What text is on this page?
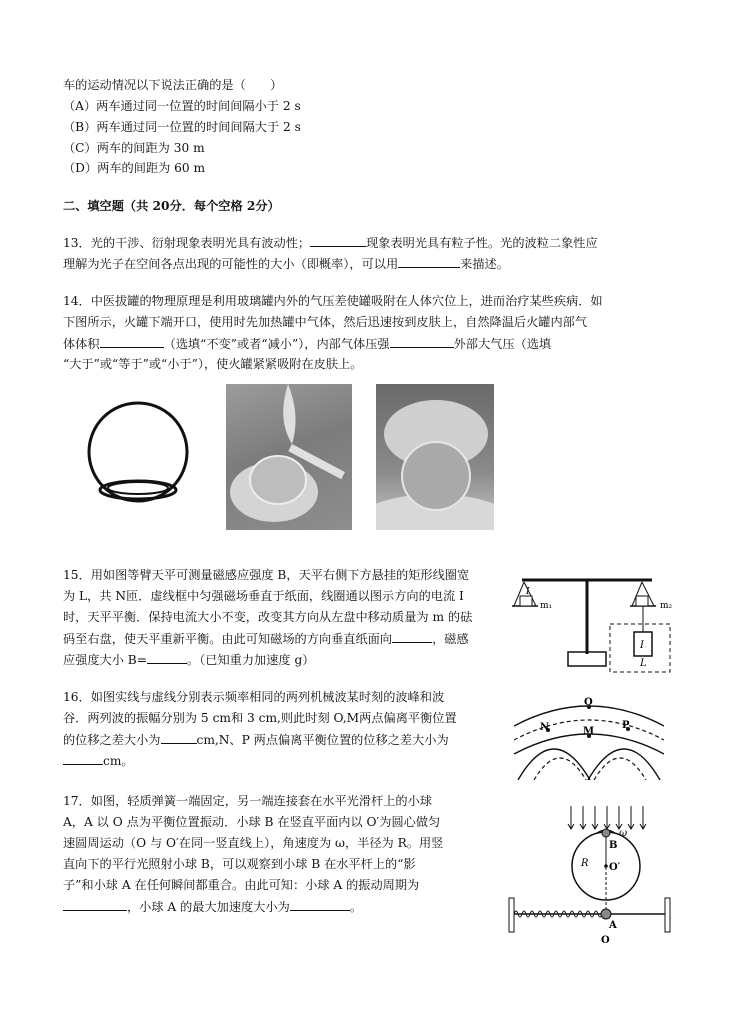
车的运动情况以下说法正确的是（　　）
（A）两车通过同一位置的时间间隔小于 2 s
（B）两车通过同一位置的时间间隔大于 2 s
（C）两车的间距为 30 m
（D）两车的间距为 60 m
二、填空题（共 20分．每个空格 2分）
13．光的干涉、衍射现象表明光具有波动性；	现象表明光具有粒子性。光的波粒二象性应
理解为光子在空间各点出现的可能性的大小（即概率），可以用	来描述。
14．中医拔罐的物理原理是利用玻璃罐内外的气压差使罐吸附在人体穴位上，进而治疗某些疾病．如
下图所示，火罐下端开口，使用时先加热罐中气体，然后迅速按到皮肤上，自然降温后火罐内部气
体体积	（选填“不变”或者“减小”），内部气体压强	外部大气压（选填
“大于”或“等于”或“小于”），使火罐紧紧吸附在皮肤上。
15．用如图等臂天平可测量磁感应强度 B，天平右侧下方悬挂的矩形线圈宽
为 L，共 N匝．虚线框中匀强磁场垂直于纸面，线圈通以图示方向的电流 I
时，天平平衡．保持电流大小不变，改变其方向从左盘中移动质量为 m 的砝
码至右盘，使天平重新平衡。由此可知磁场的方向垂直纸面向	，磁感
应强度大小 B=	。（已知重力加速度 g）
m₁	m₂
I
L
I
16．如图实线与虚线分别表示频率相同的两列机械波某时刻的波峰和波
谷．两列波的振幅分别为 5 cm和 3 cm,则此时刻 O,M两点偏离平衡位置
的位移之差大小为	cm,N、P 两点偏离平衡位置的位移之差大小为
cm。
O
N	M
P
17．如图，轻质弹簧一端固定，另一端连接套在水平光滑杆上的小球
A，A 以 O 点为平衡位置振动．小球 B 在竖直平面内以 O′为圆心做匀
速圆周运动（O 与 O′在同一竖直线上），角速度为 ω，半径为 R。用竖
直向下的平行光照射小球 B，可以观察到小球 B 在水平杆上的“影
子”和小球 A 在任何瞬间都重合。由此可知：小球 A 的振动周期为
，小球 A 的最大加速度大小为	。
ω
B
R O′
A
O
